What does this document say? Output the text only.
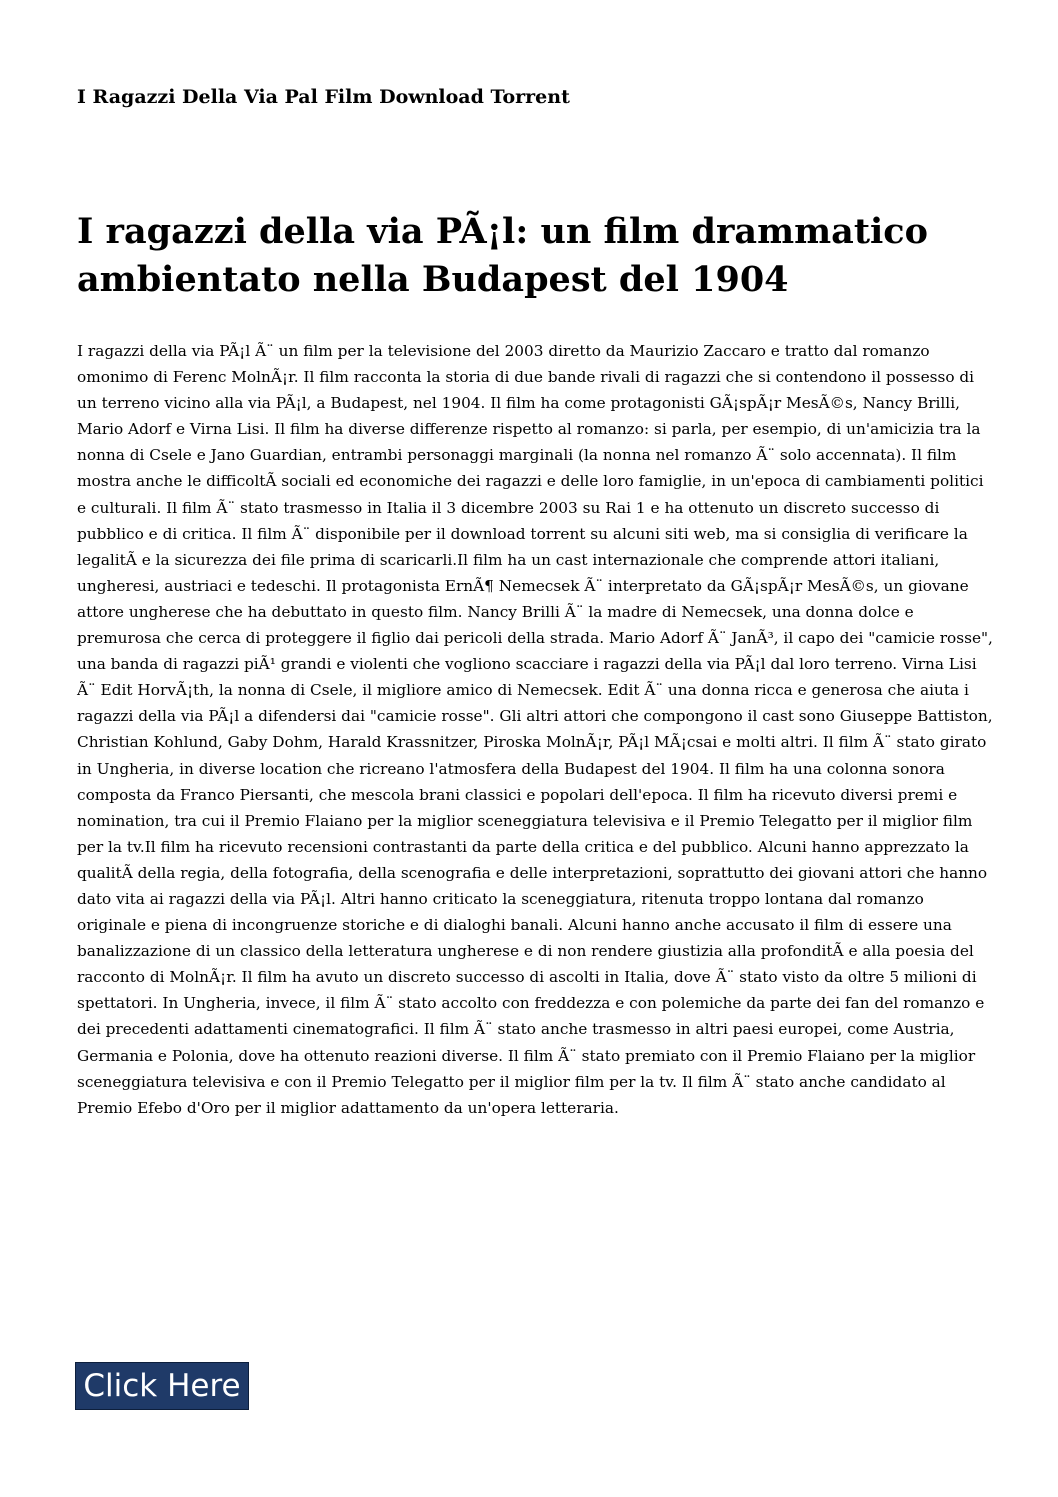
I Ragazzi Della Via Pal Film Download Torrent
I ragazzi della via PÃ¡l: un film drammatico ambientato nella Budapest del 1904

I ragazzi della via PÃ¡l Ã¨ un film per la televisione del 2003 diretto da Maurizio Zaccaro e tratto dal romanzo omonimo di Ferenc MolnÃ¡r. Il film racconta la storia di due bande rivali di ragazzi che si contendono il possesso di un terreno vicino alla via PÃ¡l, a Budapest, nel 1904. Il film ha come protagonisti GÃ¡spÃ¡r MesÃ©s, Nancy Brilli, Mario Adorf e Virna Lisi. Il film ha diverse differenze rispetto al romanzo: si parla, per esempio, di un'amicizia tra la nonna di Csele e Jano Guardian, entrambi personaggi marginali (la nonna nel romanzo Ã¨ solo accennata). Il film mostra anche le difficoltÃ sociali ed economiche dei ragazzi e delle loro famiglie, in un'epoca di cambiamenti politici e culturali. Il film Ã¨ stato trasmesso in Italia il 3 dicembre 2003 su Rai 1 e ha ottenuto un discreto successo di pubblico e di critica. Il film Ã¨ disponibile per il download torrent su alcuni siti web, ma si consiglia di verificare la legalitÃ e la sicurezza dei file prima di scaricarli.Il film ha un cast internazionale che comprende attori italiani, ungheresi, austriaci e tedeschi. Il protagonista ErnÃ¶ Nemecsek Ã¨ interpretato da GÃ¡spÃ¡r MesÃ©s, un giovane attore ungherese che ha debuttato in questo film. Nancy Brilli Ã¨ la madre di Nemecsek, una donna dolce e premurosa che cerca di proteggere il figlio dai pericoli della strada. Mario Adorf Ã¨ JanÃ³, il capo dei "camicie rosse", una banda di ragazzi piÃ¹ grandi e violenti che vogliono scacciare i ragazzi della via PÃ¡l dal loro terreno. Virna Lisi Ã¨ Edit HorvÃ¡th, la nonna di Csele, il migliore amico di Nemecsek. Edit Ã¨ una donna ricca e generosa che aiuta i ragazzi della via PÃ¡l a difendersi dai "camicie rosse". Gli altri attori che compongono il cast sono Giuseppe Battiston, Christian Kohlund, Gaby Dohm, Harald Krassnitzer, Piroska MolnÃ¡r, PÃ¡l MÃ¡csai e molti altri. Il film Ã¨ stato girato in Ungheria, in diverse location che ricreano l'atmosfera della Budapest del 1904. Il film ha una colonna sonora composta da Franco Piersanti, che mescola brani classici e popolari dell'epoca. Il film ha ricevuto diversi premi e nomination, tra cui il Premio Flaiano per la miglior sceneggiatura televisiva e il Premio Telegatto per il miglior film per la tv.Il film ha ricevuto recensioni contrastanti da parte della critica e del pubblico. Alcuni hanno apprezzato la qualitÃ della regia, della fotografia, della scenografia e delle interpretazioni, soprattutto dei giovani attori che hanno dato vita ai ragazzi della via PÃ¡l. Altri hanno criticato la sceneggiatura, ritenuta troppo lontana dal romanzo originale e piena di incongruenze storiche e di dialoghi banali. Alcuni hanno anche accusato il film di essere una banalizzazione di un classico della letteratura ungherese e di non rendere giustizia alla profonditÃ e alla poesia del racconto di MolnÃ¡r. Il film ha avuto un discreto successo di ascolti in Italia, dove Ã¨ stato visto da oltre 5 milioni di spettatori. In Ungheria, invece, il film Ã¨ stato accolto con freddezza e con polemiche da parte dei fan del romanzo e dei precedenti adattamenti cinematografici. Il film Ã¨ stato anche trasmesso in altri paesi europei, come Austria, Germania e Polonia, dove ha ottenuto reazioni diverse. Il film Ã¨ stato premiato con il Premio Flaiano per la miglior sceneggiatura televisiva e con il Premio Telegatto per il miglior film per la tv. Il film Ã¨ stato anche candidato al Premio Efebo d'Oro per il miglior adattamento da un'opera letteraria.

Click Here
